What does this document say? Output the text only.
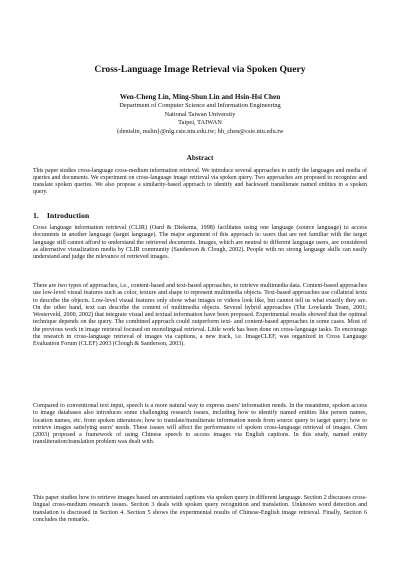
Cross-Language Image Retrieval via Spoken Query
Wen-Cheng Lin, Ming-Shun Lin and Hsin-Hsi Chen
Department of Computer Science and Information Engineering
National Taiwan University
Taipei, TAIWAN
{denislin, mslin}@nlg.csie.ntu.edu.tw; hh_chen@csie.ntu.edu.tw
Abstract
This paper studies cross-language cross-medium information retrieval. We introduce several approaches to unify the languages and media of queries and documents. We experiment on cross-language image retrieval via spoken query. Two approaches are proposed to recognize and translate spoken queries. We also propose a similarity-based approach to identify and backward transliterate named entities in a spoken query.
1. Introduction

Cross language information retrieval (CLIR) (Oard & Diekema, 1998) facilitates using one language (source language) to access documents in another language (target language). The major argument of this approach is: users that are not familiar with the target language still cannot afford to understand the retrieved documents. Images, which are neutral to different language users, are considered as alternative visualization media by CLIR community (Sanderson & Clough, 2002). People with no strong language skills can easily understand and judge the relevance of retrieved images.

There are two types of approaches, i.e., content-based and text-based approaches, to retrieve multimedia data. Content-based approaches use low-level visual features such as color, texture and shape to represent multimedia objects. Text-based approaches use collateral texts to describe the objects. Low-level visual features only show what images or videos look like, but cannot tell us what exactly they are. On the other hand, text can describe the content of multimedia objects. Several hybrid approaches (The Lowlands Team, 2001; Westerveld, 2000, 2002) that integrate visual and textual information have been proposed. Experimental results showed that the optimal technique depends on the query. The combined approach could outperform text- and content-based approaches in some cases. Most of the previous work in image retrieval focused on monolingual retrieval. Little work has been done on cross-language tasks. To encourage the research in cross-language retrieval of images via captions, a new track, i.e. ImageCLEF, was organized in Cross Language Evaluation Forum (CLEF) 2003 (Clough & Sanderson, 2003).

Compared to conventional text input, speech is a more natural way to express users' information needs. In the meantime, spoken access to image databases also introduces some challenging research issues, including how to identify named entities like person names, location names, etc. from spoken utterances; how to translate/transliterate information needs from source query to target query; how to retrieve images satisfying users' needs. These issues will affect the performance of spoken cross-language retrieval of images. Chen (2003) proposed a framework of using Chinese speech to access images via English captions. In this study, named entity transliteration/translation problem was dealt with.

This paper studies how to retrieve images based on annotated captions via spoken query in different language. Section 2 discusses cross-lingual cross-medium research issues. Section 3 deals with spoken query recognition and translation. Unknown word detection and translation is discussed in Section 4. Section 5 shows the experimental results of Chinese-English image retrieval. Finally, Section 6 concludes the remarks.
